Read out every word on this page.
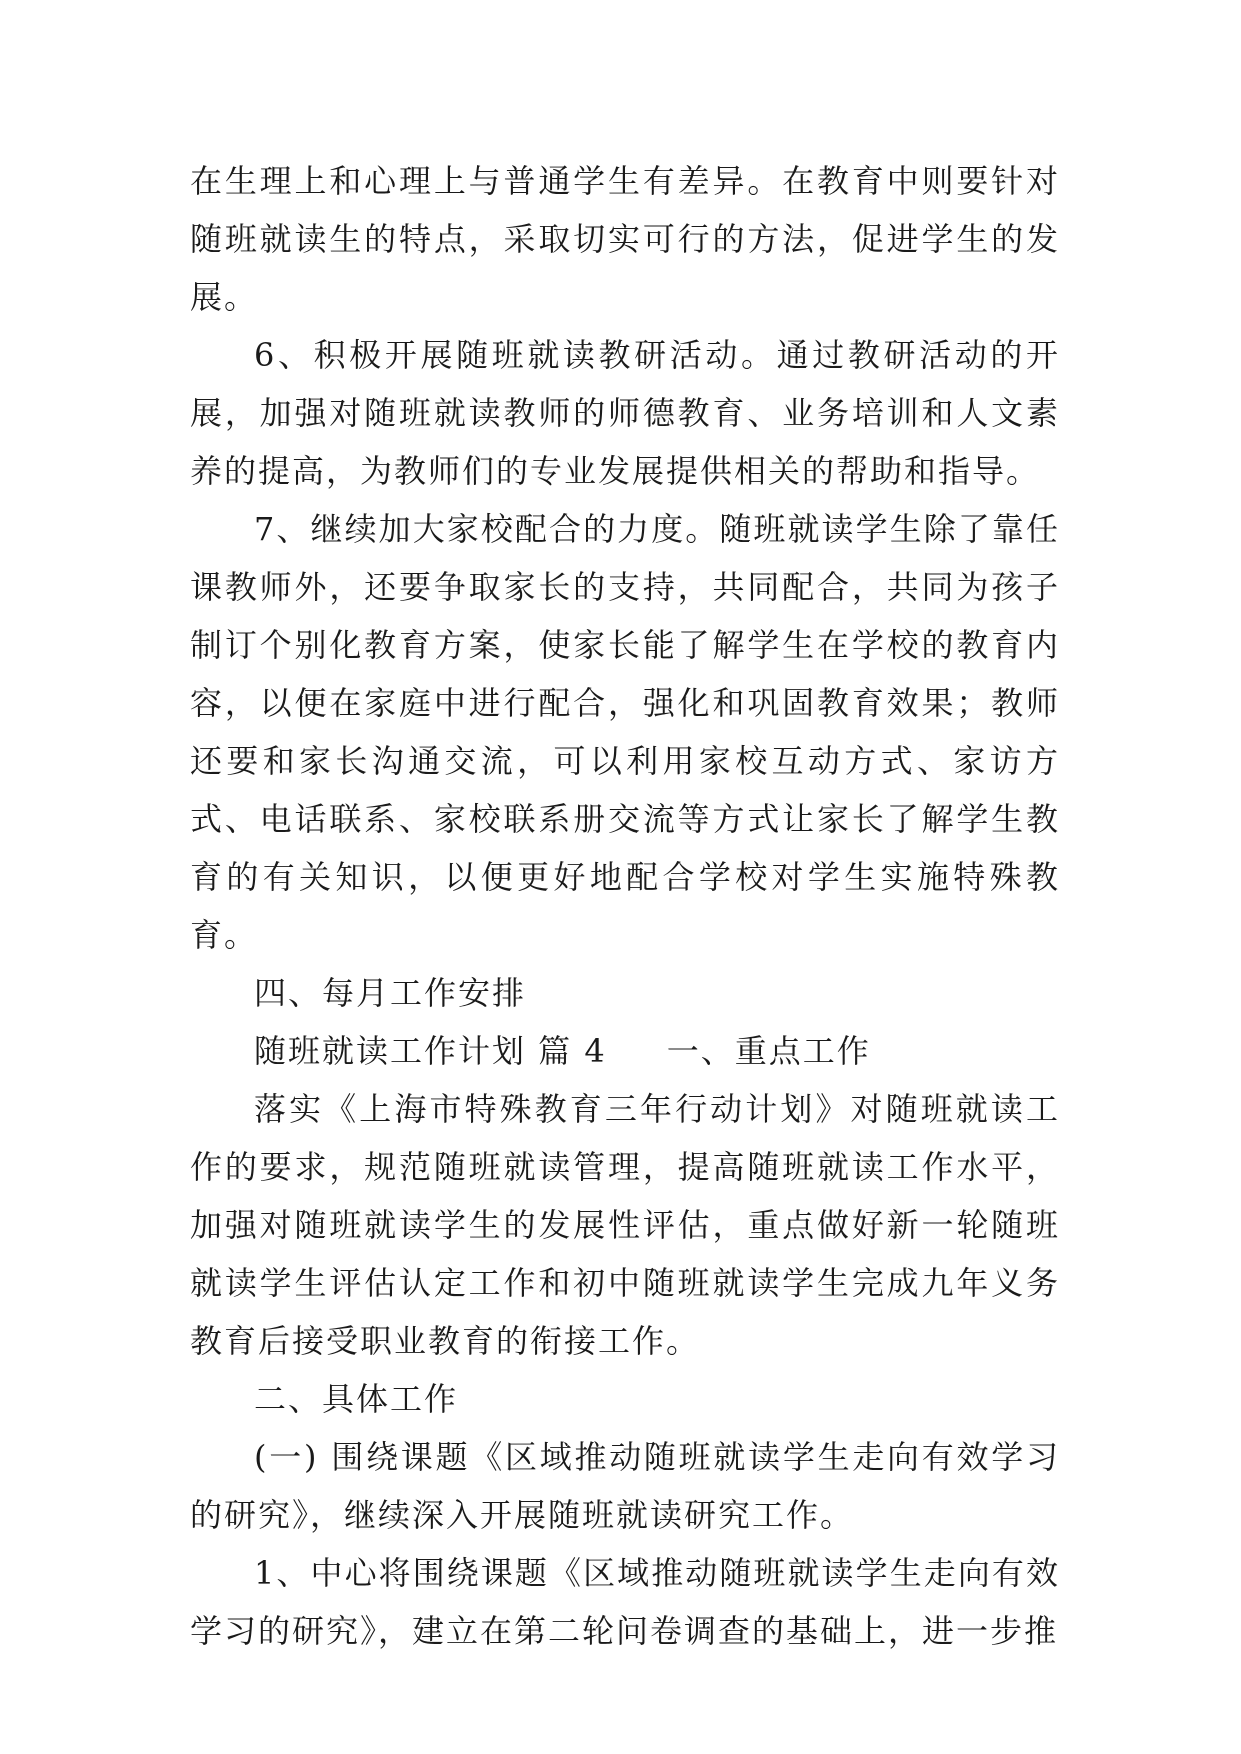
在生理上和心理上与普通学生有差异。在教育中则要针对随班就读生的特点，采取切实可行的方法，促进学生的发展。

6、积极开展随班就读教研活动。通过教研活动的开展，加强对随班就读教师的师德教育、业务培训和人文素养的提高，为教师们的专业发展提供相关的帮助和指导。

7、继续加大家校配合的力度。随班就读学生除了靠任课教师外，还要争取家长的支持，共同配合，共同为孩子制订个别化教育方案，使家长能了解学生在学校的教育内容，以便在家庭中进行配合，强化和巩固教育效果；教师还要和家长沟通交流，可以利用家校互动方式、家访方式、电话联系、家校联系册交流等方式让家长了解学生教育的有关知识，以便更好地配合学校对学生实施特殊教育。

四、每月工作安排

随班就读工作计划 篇 4 一、重点工作

落实《上海市特殊教育三年行动计划》对随班就读工作的要求，规范随班就读管理，提高随班就读工作水平，加强对随班就读学生的发展性评估，重点做好新一轮随班就读学生评估认定工作和初中随班就读学生完成九年义务教育后接受职业教育的衔接工作。

二、具体工作

(一) 围绕课题《区域推动随班就读学生走向有效学习的研究》，继续深入开展随班就读研究工作。

1、中心将围绕课题《区域推动随班就读学生走向有效学习的研究》，建立在第二轮问卷调查的基础上，进一步推
